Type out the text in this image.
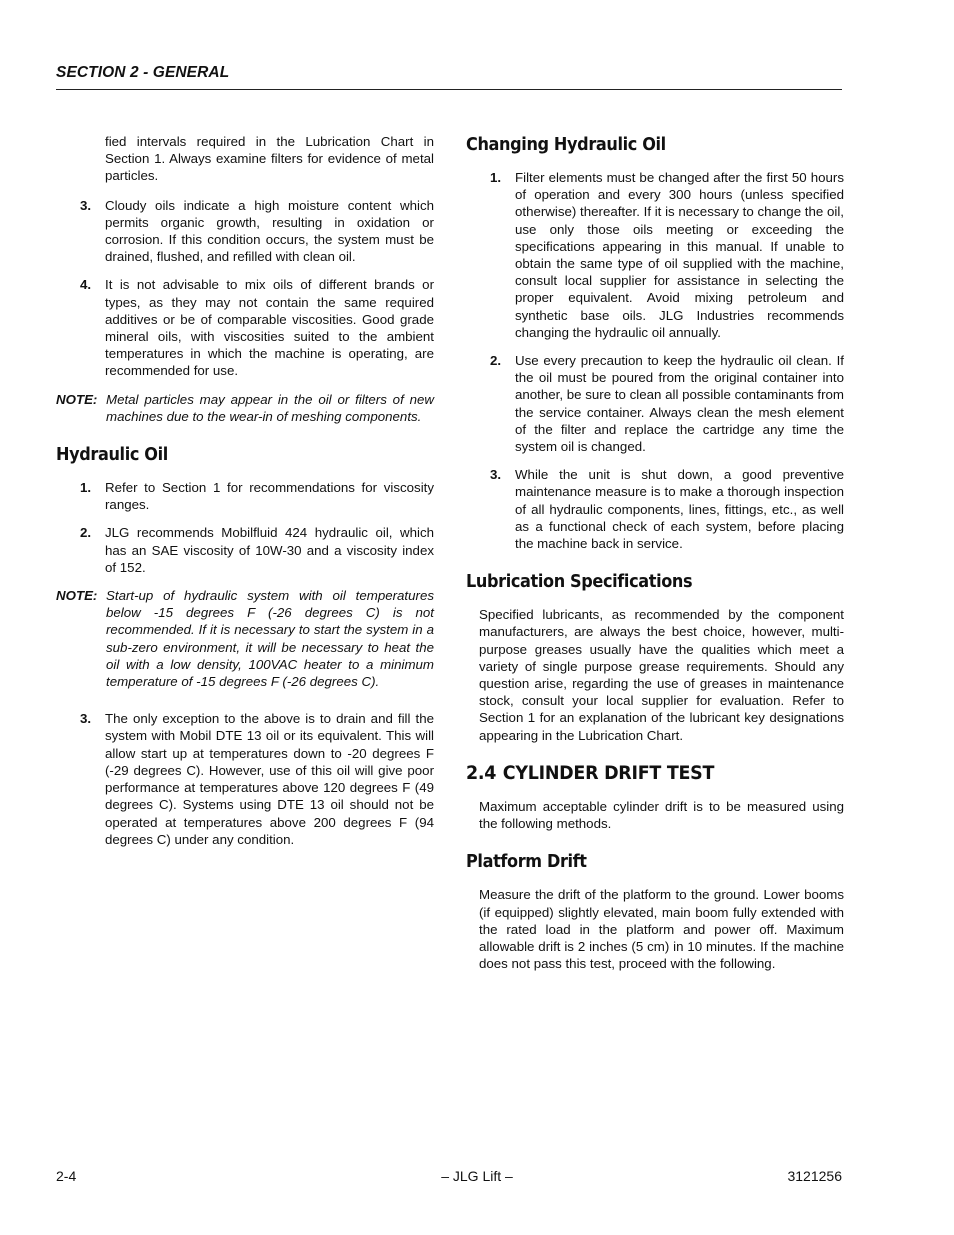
SECTION 2 - GENERAL

fied intervals required in the Lubrication Chart in Section 1. Always examine filters for evidence of metal particles.

3.	Cloudy oils indicate a high moisture content which permits organic growth, resulting in oxidation or corrosion. If this condition occurs, the system must be drained, flushed, and refilled with clean oil.
4.	It is not advisable to mix oils of different brands or types, as they may not contain the same required additives or be of comparable viscosities. Good grade mineral oils, with viscosities suited to the ambient temperatures in which the machine is operating, are recommended for use.
NOTE: Metal particles may appear in the oil or filters of new machines due to the wear-in of meshing components.
Hydraulic Oil
1.	Refer to Section 1 for recommendations for viscosity ranges.
2.	JLG recommends Mobilfluid 424 hydraulic oil, which has an SAE viscosity of 10W-30 and a viscosity index of 152.
NOTE: Start-up of hydraulic system with oil temperatures below -15 degrees F (-26 degrees C) is not recommended. If it is necessary to start the system in a sub-zero environment, it will be necessary to heat the oil with a low density, 100VAC heater to a minimum temperature of -15 degrees F (-26 degrees C).
3.	The only exception to the above is to drain and fill the system with Mobil DTE 13 oil or its equivalent. This will allow start up at temperatures down to -20 degrees F (-29 degrees C). However, use of this oil will give poor performance at temperatures above 120 degrees F (49 degrees C). Systems using DTE 13 oil should not be operated at temperatures above 200 degrees F (94 degrees C) under any condition.
Changing Hydraulic Oil
1.	Filter elements must be changed after the first 50 hours of operation and every 300 hours (unless specified otherwise) thereafter. If it is necessary to change the oil, use only those oils meeting or exceeding the specifications appearing in this manual. If unable to obtain the same type of oil supplied with the machine, consult local supplier for assistance in selecting the proper equivalent. Avoid mixing petroleum and synthetic base oils. JLG Industries recommends changing the hydraulic oil annually.
2.	Use every precaution to keep the hydraulic oil clean. If the oil must be poured from the original container into another, be sure to clean all possible contaminants from the service container. Always clean the mesh element of the filter and replace the cartridge any time the system oil is changed.
3.	While the unit is shut down, a good preventive maintenance measure is to make a thorough inspection of all hydraulic components, lines, fittings, etc., as well as a functional check of each system, before placing the machine back in service.
Lubrication Specifications

Specified lubricants, as recommended by the component manufacturers, are always the best choice, however, multi-purpose greases usually have the qualities which meet a variety of single purpose grease requirements. Should any question arise, regarding the use of greases in maintenance stock, consult your local supplier for evaluation. Refer to Section 1 for an explanation of the lubricant key designations appearing in the Lubrication Chart.

2.4 CYLINDER DRIFT TEST

Maximum acceptable cylinder drift is to be measured using the following methods.

Platform Drift

Measure the drift of the platform to the ground. Lower booms (if equipped) slightly elevated, main boom fully extended with the rated load in the platform and power off. Maximum allowable drift is 2 inches (5 cm) in 10 minutes. If the machine does not pass this test, proceed with the following.

2-4	– JLG Lift –	3121256
